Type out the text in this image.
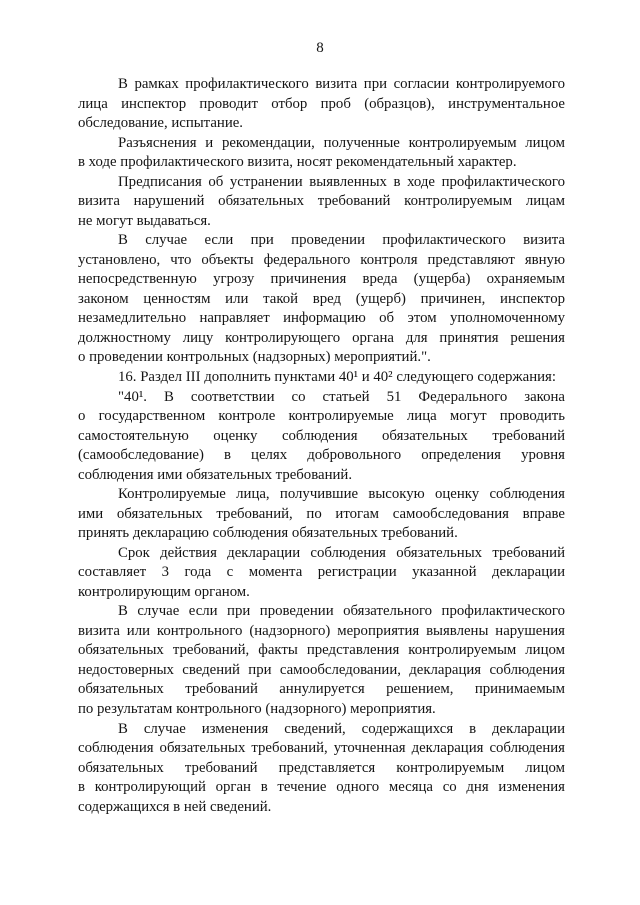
8
В рамках профилактического визита при согласии контролируемого
лица инспектор проводит отбор проб (образцов), инструментальное
обследование, испытание.
Разъяснения и рекомендации, полученные контролируемым лицом
в ходе профилактического визита, носят рекомендательный характер.
Предписания об устранении выявленных в ходе профилактического
визита нарушений обязательных требований контролируемым лицам
не могут выдаваться.
В случае если при проведении профилактического визита
установлено, что объекты федерального контроля представляют явную
непосредственную угрозу причинения вреда (ущерба) охраняемым
законом ценностям или такой вред (ущерб) причинен, инспектор
незамедлительно направляет информацию об этом уполномоченному
должностному лицу контролирующего органа для принятия решения
о проведении контрольных (надзорных) мероприятий.".
16. Раздел III дополнить пунктами 40¹ и 40² следующего содержания:
"40¹. В соответствии со статьей 51 Федерального закона
о государственном контроле контролируемые лица могут проводить
самостоятельную оценку соблюдения обязательных требований
(самообследование) в целях добровольного определения уровня
соблюдения ими обязательных требований.
Контролируемые лица, получившие высокую оценку соблюдения
ими обязательных требований, по итогам самообследования вправе
принять декларацию соблюдения обязательных требований.
Срок действия декларации соблюдения обязательных требований
составляет 3 года с момента регистрации указанной декларации
контролирующим органом.
В случае если при проведении обязательного профилактического
визита или контрольного (надзорного) мероприятия выявлены нарушения
обязательных требований, факты представления контролируемым лицом
недостоверных сведений при самообследовании, декларация соблюдения
обязательных требований аннулируется решением, принимаемым
по результатам контрольного (надзорного) мероприятия.
В случае изменения сведений, содержащихся в декларации
соблюдения обязательных требований, уточненная декларация соблюдения
обязательных требований представляется контролируемым лицом
в контролирующий орган в течение одного месяца со дня изменения
содержащихся в ней сведений.
